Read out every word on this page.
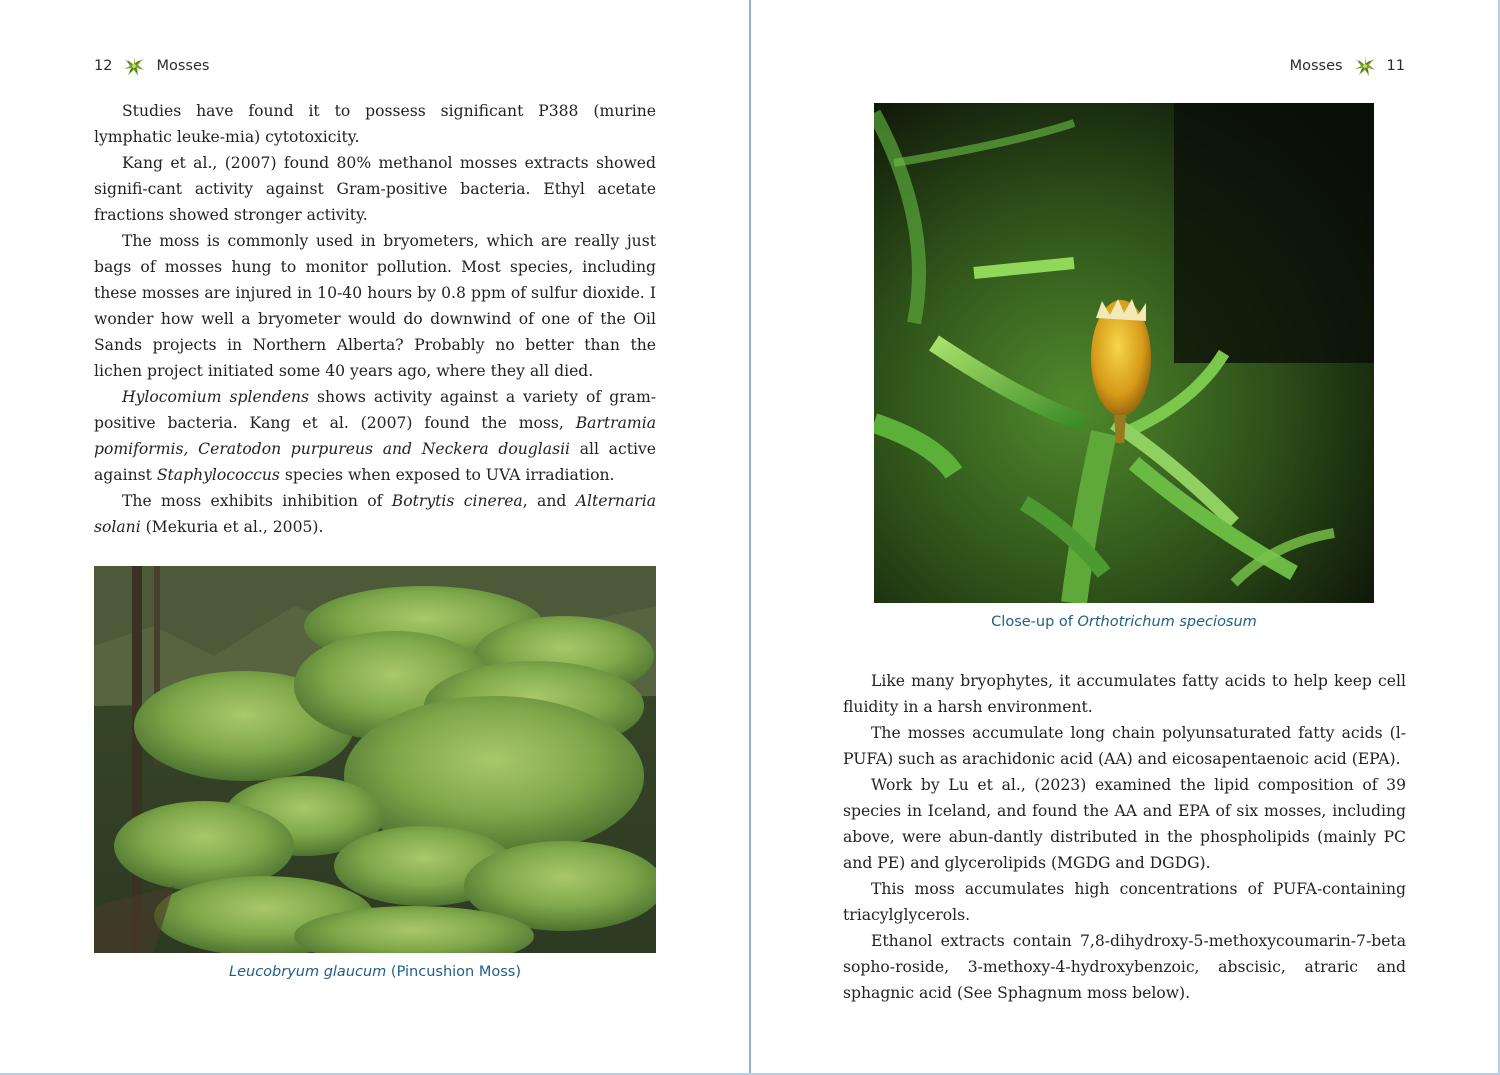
12	Mosses

Studies have found it to possess significant P388 (murine lymphatic leuke-mia) cytotoxicity.

Kang et al., (2007) found 80% methanol mosses extracts showed signifi-cant activity against Gram-positive bacteria. Ethyl acetate fractions showed stronger activity.

The moss is commonly used in bryometers, which are really just bags of mosses hung to monitor pollution. Most species, including these mosses are injured in 10-40 hours by 0.8 ppm of sulfur dioxide. I wonder how well a bryometer would do downwind of one of the Oil Sands projects in Northern Alberta? Probably no better than the lichen project initiated some 40 years ago, where they all died.

Hylocomium splendens shows activity against a variety of gram-positive bacteria. Kang et al. (2007) found the moss, Bartramia pomiformis, Ceratodon purpureus and Neckera douglasii all active against Staphylococcus species when exposed to UVA irradiation.

The moss exhibits inhibition of Botrytis cinerea, and Alternaria solani (Mekuria et al., 2005).

Leucobryum glaucum (Pincushion Moss)
Mosses	11
Close-up of Orthotrichum speciosum

Like many bryophytes, it accumulates fatty acids to help keep cell fluidity in a harsh environment.

The mosses accumulate long chain polyunsaturated fatty acids (l-PUFA) such as arachidonic acid (AA) and eicosapentaenoic acid (EPA).

Work by Lu et al., (2023) examined the lipid composition of 39 species in Iceland, and found the AA and EPA of six mosses, including above, were abun-dantly distributed in the phospholipids (mainly PC and PE) and glycerolipids (MGDG and DGDG).

This moss accumulates high concentrations of PUFA-containing triacylglycerols.

Ethanol extracts contain 7,8-dihydroxy-5-methoxycoumarin-7-beta sopho-roside, 3-methoxy-4-hydroxybenzoic, abscisic, atraric and sphagnic acid (See Sphagnum moss below).
